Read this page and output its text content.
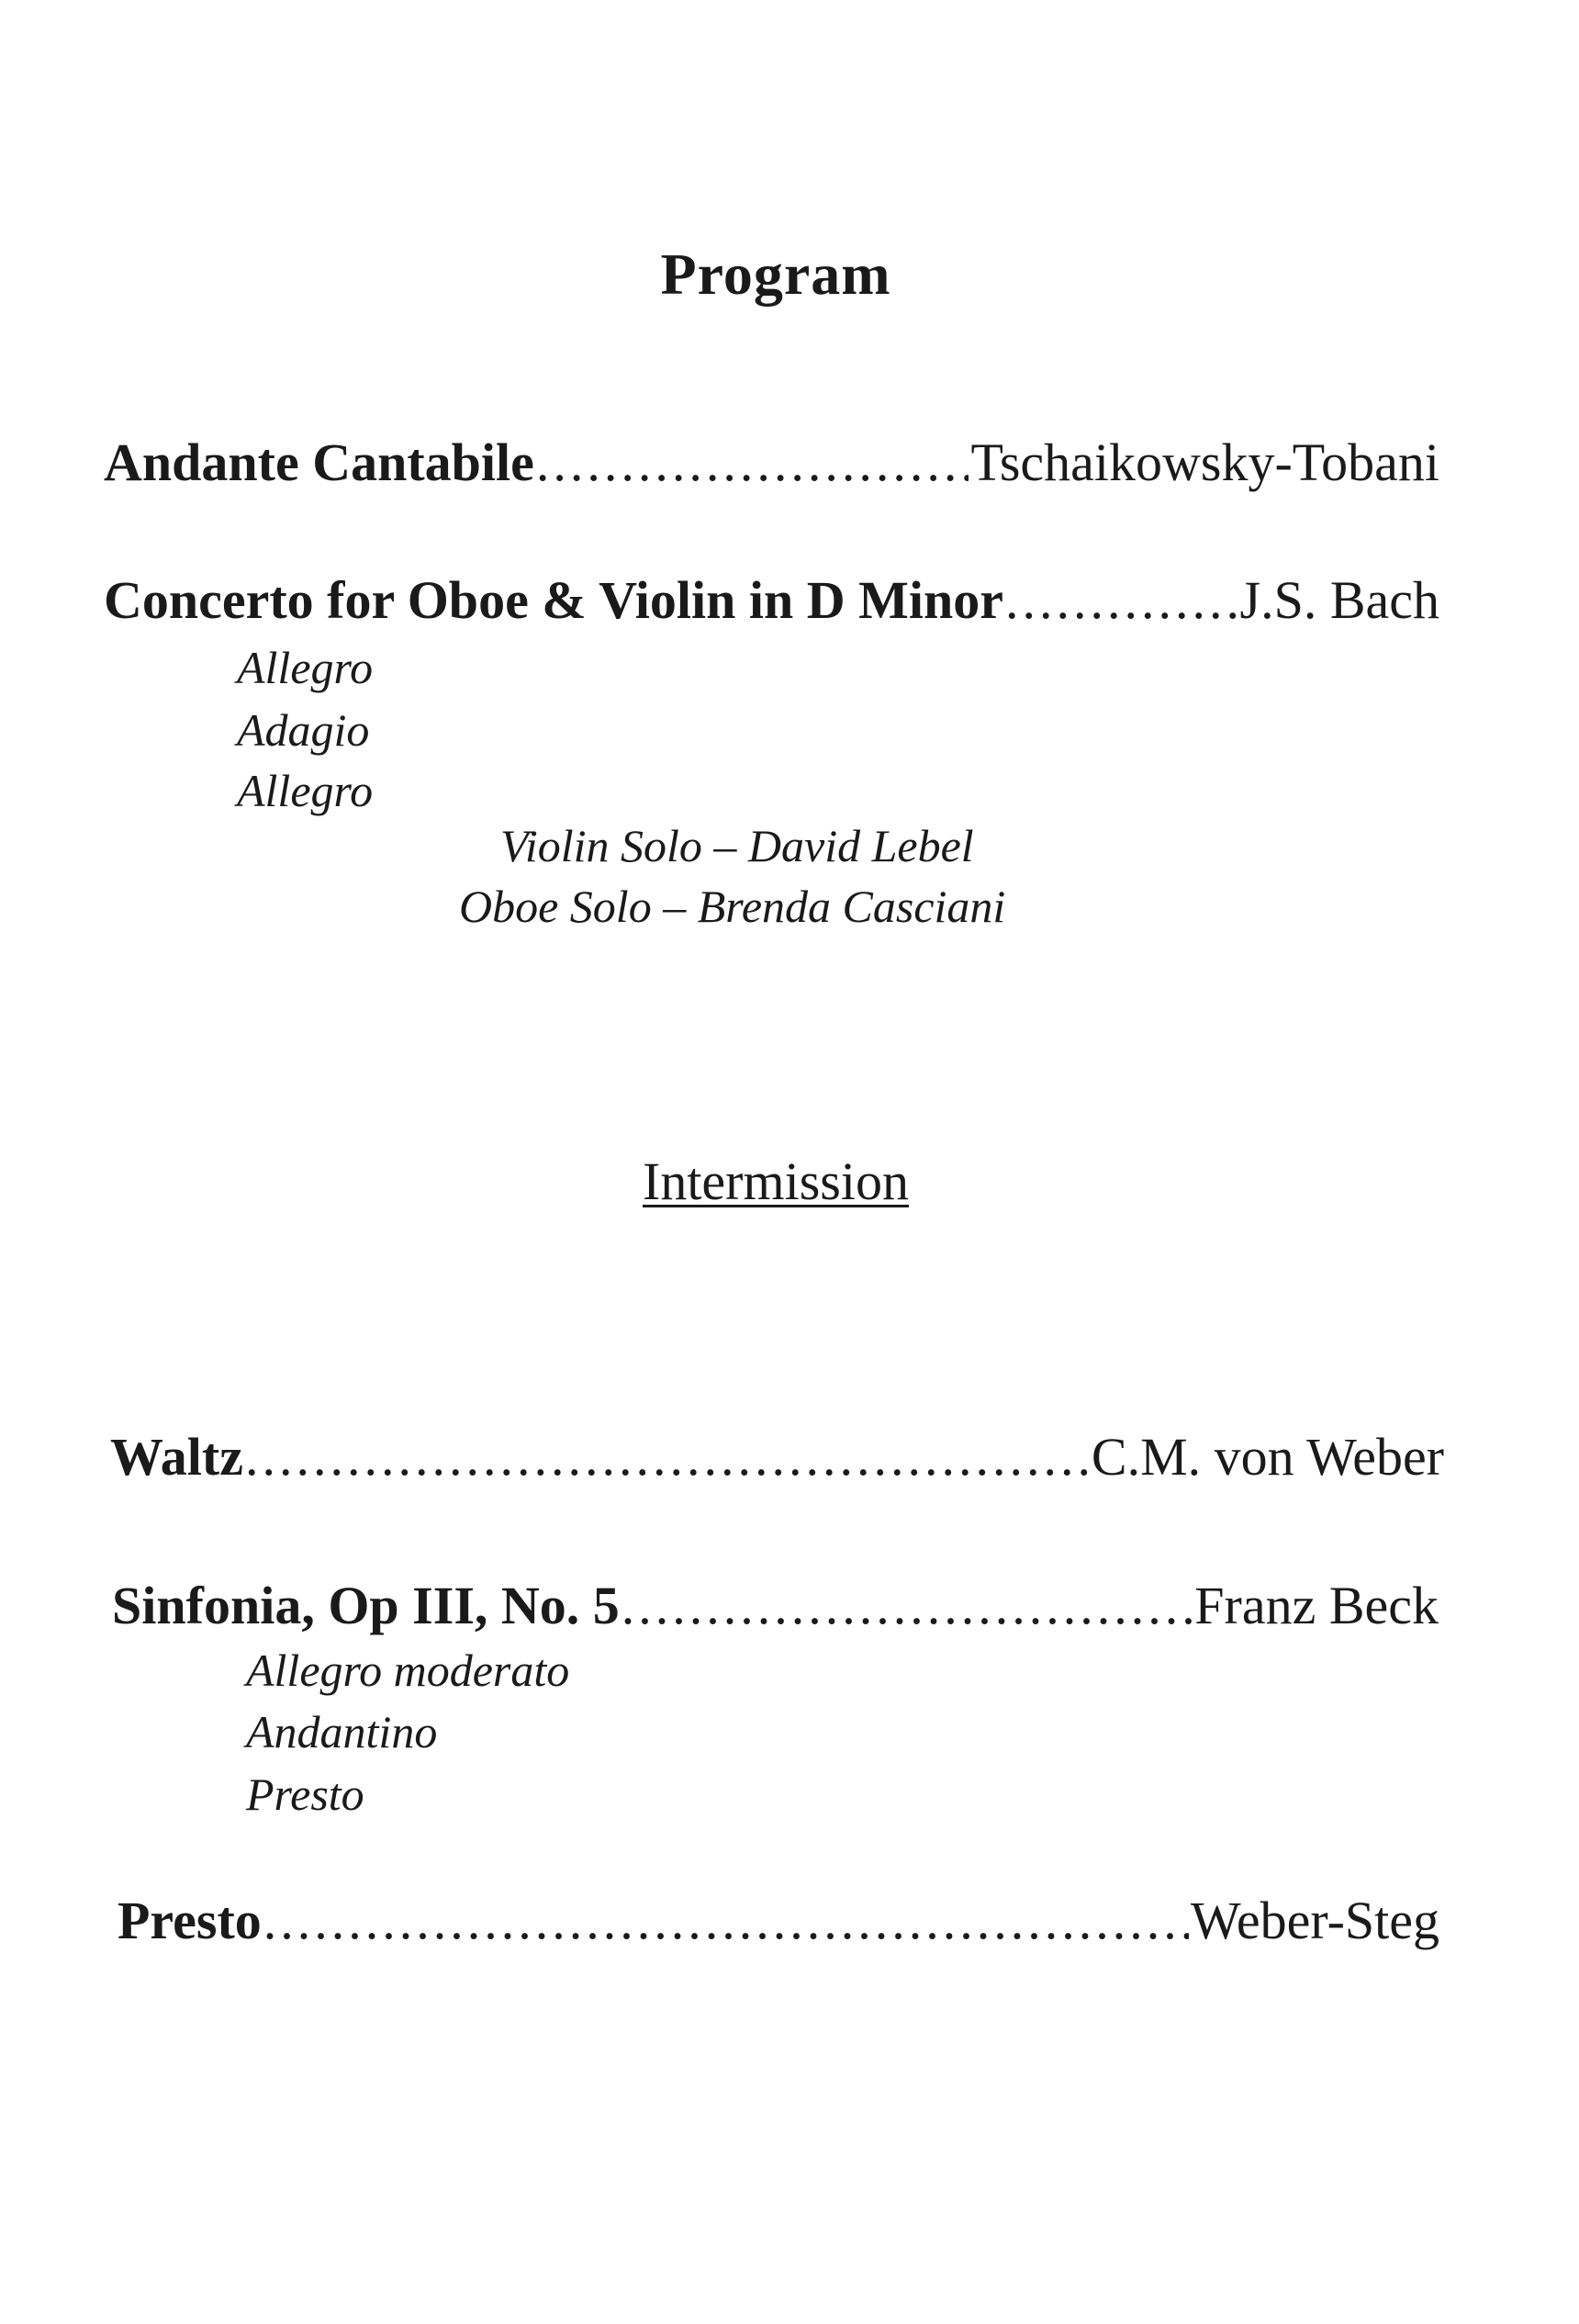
Program
Andante Cantabile .....	Tschaikowsky-Tobani
Concerto for Oboe & Violin in D Minor .....	J.S. Bach
Allegro
Adagio
Allegro
Violin Solo – David Lebel
Oboe Solo – Brenda Casciani
Intermission
Waltz .....	C.M. von Weber
Sinfonia, Op III, No. 5 .....	Franz Beck
Allegro moderato
Andantino
Presto
Presto .....	Weber-Steg
